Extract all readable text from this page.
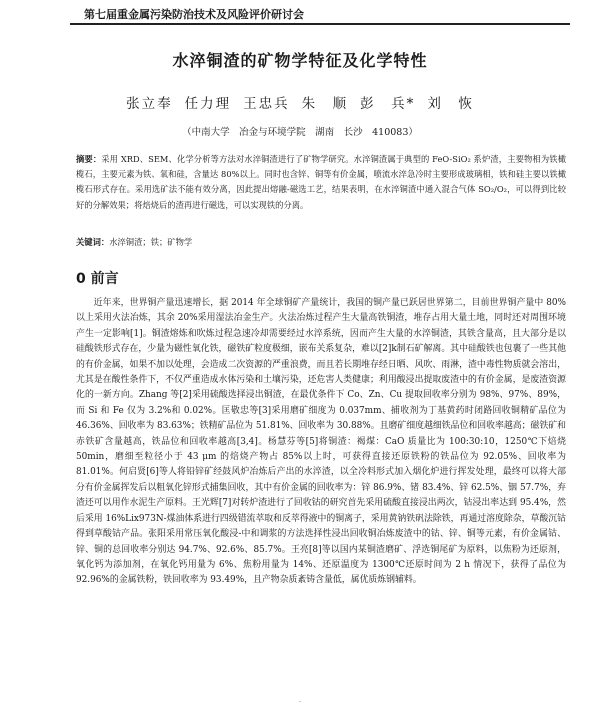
第七届重金属污染防治技术及风险评价研讨会
水淬铜渣的矿物学特征及化学特性
张立奉 任力理 王忠兵 朱　顺 彭　兵* 刘　恢
（中南大学　冶金与环境学院　湖南　长沙　410083）
摘要：采用 XRD、SEM、化学分析等方法对水淬铜渣进行了矿物学研究。水淬铜渣属于典型的 FeO-SiO₂ 系炉渣，主要物相为铁橄榄石，主要元素为铁、氧和硅，含量达 80%以上。同时也含锌、铜等有价金属，喷流水淬急冷时主要形成玻璃相，铁和硅主要以铁橄榄石形式存在。采用选矿法不能有效分离，因此提出熔融-磁选工艺，结果表明，在水淬铜渣中通入混合气体 SO₂/O₂，可以得到比较好的分解效果；将焙烧后的渣再进行磁选，可以实现铁的分离。
关键词：水淬铜渣；铁；矿物学
0 前言

近年来，世界铜产量迅速增长，据 2014 年全球铜矿产量统计，我国的铜产量已跃居世界第二，目前世界铜产量中 80%以上采用火法冶炼，其余 20%采用湿法冶金生产。火法冶炼过程产生大量高铁铜渣，堆存占用大量土地，同时还对周围环境产生一定影响[1]。铜渣熔炼和吹炼过程急速冷却需要经过水淬系统，因而产生大量的水淬铜渣，其铁含量高，且大部分是以硅酸铁形式存在，少量为磁性氧化铁，磁铁矿粒度极细，嵌布关系复杂，难以[2]k制石矿解离。其中硅酸铁也包裹了一些其他的有价金属，如果不加以处理，会造成二次资源的严重浪费，而且若长期堆存经日晒、风吹、雨淋，渣中毒性物质就会溶出，尤其是在酸性条件下，不仅严重造成水体污染和土壤污染，还危害人类健康；利用酸浸出提取废渣中的有价金属，是废渣资源化的一新方向。Zhang 等[2]采用硫酸选择浸出铜渣，在最优条件下 Co、Zn、Cu 提取回收率分别为 98%、97%、89%，而 Si 和 Fe 仅为 3.2%和 0.02%。匡敬忠等[3]采用磨矿细度为 0.037mm、捕收剂为丁基黄药时闭路回收铜精矿品位为 46.36%、回收率为 83.63%；铁精矿品位为 51.81%、回收率为 30.88%。且磨矿细度越细铁品位和回收率越高；磁铁矿和赤铁矿含量越高，铁品位和回收率越高[3,4]。杨慧芬等[5]将铜渣：褐煤：CaO 质量比为 100:30:10，1250℃下焙烧 50min，磨细至粒径小于 43 μm 的焙烧产物占 85%以上时，可获得直接还原铁粉的铁品位为 92.05%、回收率为 81.01%。何启贤[6]等人将铅锌矿经鼓风炉冶炼后产出的水淬渣，以全冷料形式加入烟化炉进行挥发处理，最终可以将大部分有价金属挥发后以粗氧化锌形式捕集回收，其中有价金属的回收率为：锌 86.9%、锗 83.4%、锌 62.5%、铟 57.7%，弃渣还可以用作水泥生产原料。王光辉[7]对转炉渣进行了回收钴的研究首先采用硫酸直接浸出两次，钴浸出率达到 95.4%，然后采用 16%Lix973N-煤油体系进行四级错流萃取和反萃得液中的铜离子，采用黄钠铁矾法除铁，再通过溶度除杂，草酸沉钴得到草酸钴产品。张阳采用常压氧化酸浸-中和调浆的方法选择性浸出回收铜冶炼废渣中的钴、锌、铜等元素，有价金属钴、锌、铜的总回收率分别达 94.7%、92.6%、85.7%。王亮[8]等以国内某铜渣磨矿、浮选铜尾矿为原料，以焦粉为还原剂，氧化钙为添加剂，在氧化钙用量为 6%、焦粉用量为 14%、还原温度为 1300℃还原时间为 2 h 情况下，获得了品位为 92.96%的金属铁粉，铁回收率为 93.49%，且产物杂质紊铸含量低，属优质炼钢辅料。

·
